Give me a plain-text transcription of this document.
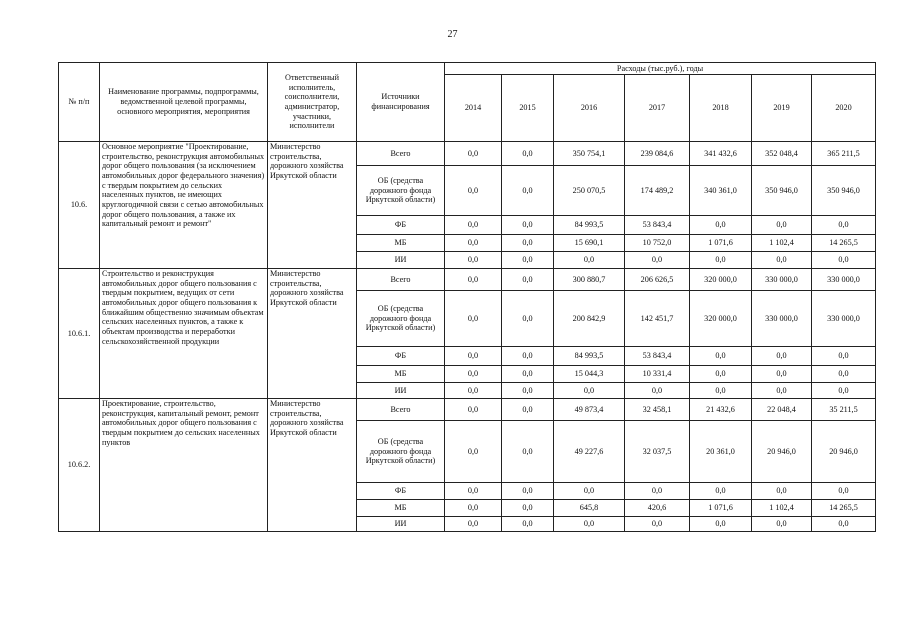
27
№ п/п	Наименование программы, подпрограммы, ведомственной целевой программы, основного мероприятия, мероприятия	Ответственный исполнитель, соисполнители, администратор, участники, исполнители	Источники финансирования	Расходы (тыс.руб.), годы						
				2014	2015	2016	2017	2018	2019	2020
10.6.	Основное мероприятие "Проектирование, строительство, реконструкция автомобильных дорог общего пользования (за исключением автомобильных дорог федерального значения) с твердым покрытием до сельских населенных пунктов, не имеющих круглогодичной связи с сетью автомобильных дорог общего пользования, а также их капитальный ремонт и ремонт"	Министерство строительства, дорожного хозяйства Иркутской области	Всего	0,0	0,0	350 754,1	239 084,6	341 432,6	352 048,4	365 211,5
			ОБ (средства дорожного фонда Иркутской области)	0,0	0,0	250 070,5	174 489,2	340 361,0	350 946,0	350 946,0
			ФБ	0,0	0,0	84 993,5	53 843,4	0,0	0,0	0,0
			МБ	0,0	0,0	15 690,1	10 752,0	1 071,6	1 102,4	14 265,5
			ИИ	0,0	0,0	0,0	0,0	0,0	0,0	0,0
10.6.1.	Строительство и реконструкция автомобильных дорог общего пользования с твердым покрытием, ведущих от сети автомобильных дорог общего пользования к ближайшим общественно значимым объектам сельских населенных пунктов, а также к объектам производства и переработки сельскохозяйственной продукции	Министерство строительства, дорожного хозяйства Иркутской области	Всего	0,0	0,0	300 880,7	206 626,5	320 000,0	330 000,0	330 000,0
			ОБ (средства дорожного фонда Иркутской области)	0,0	0,0	200 842,9	142 451,7	320 000,0	330 000,0	330 000,0
			ФБ	0,0	0,0	84 993,5	53 843,4	0,0	0,0	0,0
			МБ	0,0	0,0	15 044,3	10 331,4	0,0	0,0	0,0
			ИИ	0,0	0,0	0,0	0,0	0,0	0,0	0,0
10.6.2.	Проектирование, строительство, реконструкция, капитальный ремонт, ремонт автомобильных дорог общего пользования с твердым покрытием до сельских населенных пунктов	Министерство строительства, дорожного хозяйства Иркутской области	Всего	0,0	0,0	49 873,4	32 458,1	21 432,6	22 048,4	35 211,5
			ОБ (средства дорожного фонда Иркутской области)	0,0	0,0	49 227,6	32 037,5	20 361,0	20 946,0	20 946,0
			ФБ	0,0	0,0	0,0	0,0	0,0	0,0	0,0
			МБ	0,0	0,0	645,8	420,6	1 071,6	1 102,4	14 265,5
			ИИ	0,0	0,0	0,0	0,0	0,0	0,0	0,0
